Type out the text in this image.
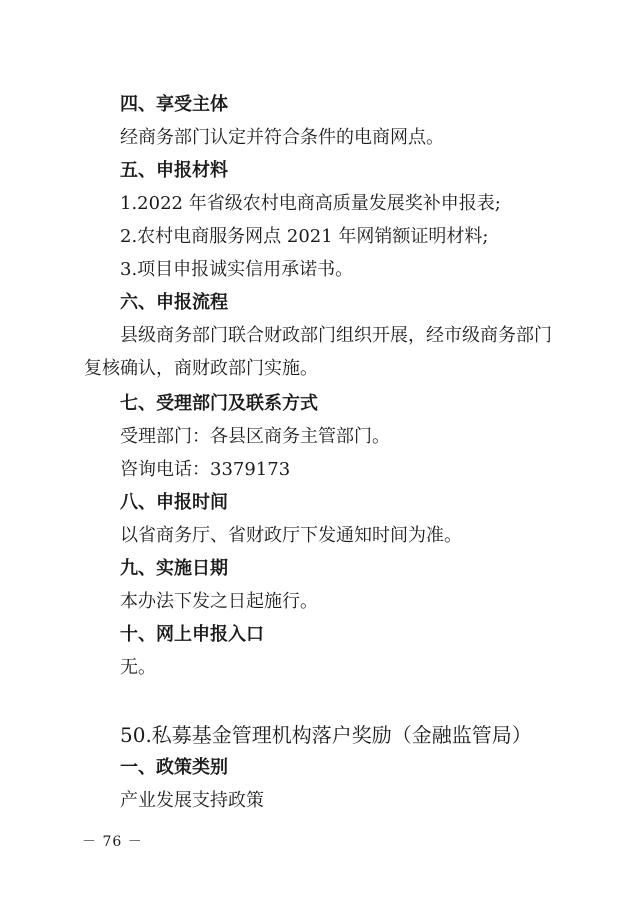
四、享受主体
经商务部门认定并符合条件的电商网点。
五、申报材料
1.2022 年省级农村电商高质量发展奖补申报表;
2.农村电商服务网点 2021 年网销额证明材料;
3.项目申报诚实信用承诺书。
六、申报流程
县级商务部门联合财政部门组织开展，经市级商务部门
复核确认，商财政部门实施。
七、受理部门及联系方式
受理部门：各县区商务主管部门。
咨询电话：3379173
八、申报时间
以省商务厅、省财政厅下发通知时间为准。
九、实施日期
本办法下发之日起施行。
十、网上申报入口
无。
50.私募基金管理机构落户奖励（金融监管局）
一、政策类别
产业发展支持政策
－ 76 －
